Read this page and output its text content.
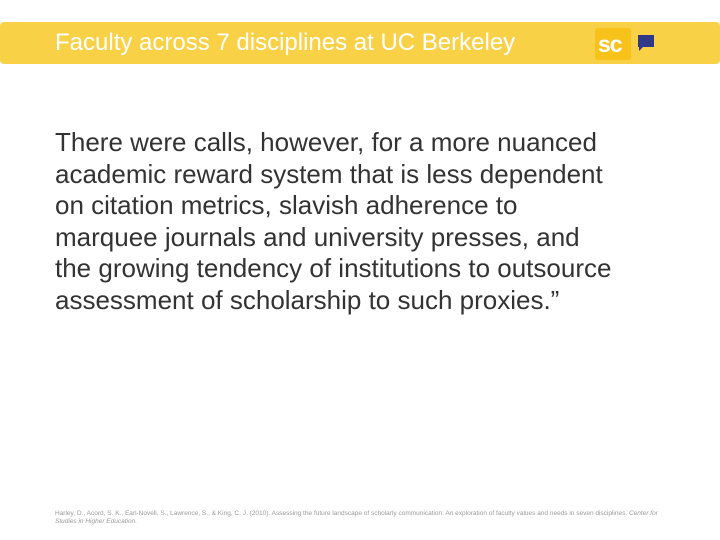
Faculty across 7 disciplines at UC Berkeley	sc
There were calls, however, for a more nuanced
academic reward system that is less dependent
on citation metrics, slavish adherence to
marquee journals and university presses, and
the growing tendency of institutions to outsource
assessment of scholarship to such proxies.”
Harley, D., Acord, S. K., Earl-Novell, S., Lawrence, S., & King, C. J. (2010). Assessing the future landscape of scholarly communication: An exploration of faculty values and needs in seven disciplines. Center for Studies in Higher Education.
